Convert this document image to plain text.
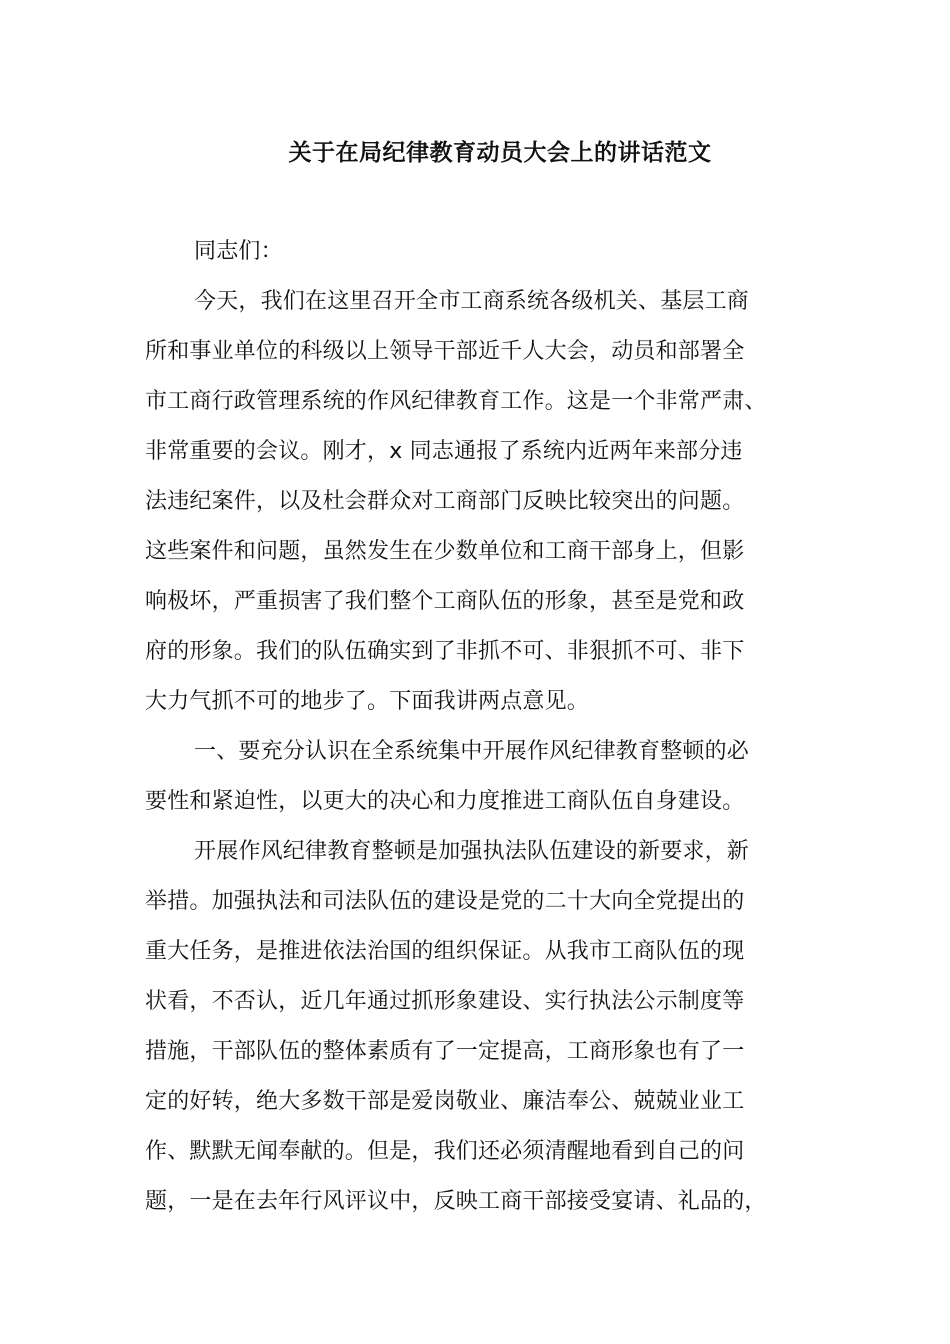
关于在局纪律教育动员大会上的讲话范文
同志们：
今天，我们在这里召开全市工商系统各级机关、基层工商
所和事业单位的科级以上领导干部近千人大会，动员和部署全
市工商行政管理系统的作风纪律教育工作。这是一个非常严肃、
非常重要的会议。刚才，x 同志通报了系统内近两年来部分违
法违纪案件，以及杜会群众对工商部门反映比较突出的问题。
这些案件和问题，虽然发生在少数单位和工商干部身上，但影
响极坏，严重损害了我们整个工商队伍的形象，甚至是党和政
府的形象。我们的队伍确实到了非抓不可、非狠抓不可、非下
大力气抓不可的地步了。下面我讲两点意见。
一、要充分认识在全系统集中开展作风纪律教育整顿的必
要性和紧迫性，以更大的决心和力度推进工商队伍自身建设。
开展作风纪律教育整顿是加强执法队伍建设的新要求，新
举措。加强执法和司法队伍的建设是党的二十大向全党提出的
重大任务，是推进依法治国的组织保证。从我市工商队伍的现
状看，不否认，近几年通过抓形象建设、实行执法公示制度等
措施，干部队伍的整体素质有了一定提高，工商形象也有了一
定的好转，绝大多数干部是爱岗敬业、廉洁奉公、兢兢业业工
作、默默无闻奉献的。但是，我们还必须清醒地看到自己的问
题，一是在去年行风评议中，反映工商干部接受宴请、礼品的，
